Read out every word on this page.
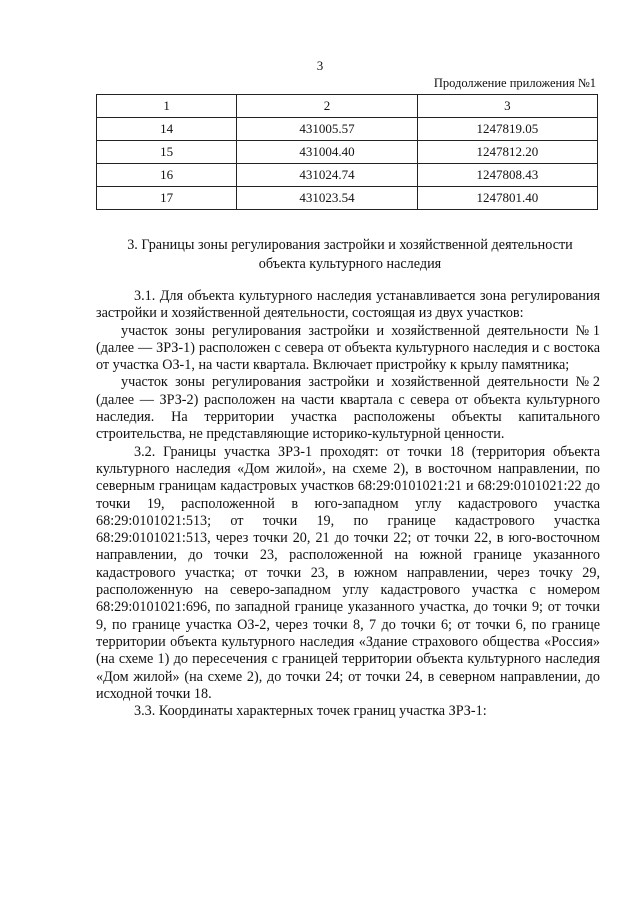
3
Продолжение приложения №1
1	2	3
14	431005.57	1247819.05
15	431004.40	1247812.20
16	431024.74	1247808.43
17	431023.54	1247801.40
3. Границы зоны регулирования застройки и хозяйственной деятельности объекта культурного наследия

3.1. Для объекта культурного наследия устанавливается зона регулирования застройки и хозяйственной деятельности, состоящая из двух участков:

участок зоны регулирования застройки и хозяйственной деятельности №1 (далее — ЗРЗ-1) расположен с севера от объекта культурного наследия и с востока от участка ОЗ-1, на части квартала. Включает пристройку к крылу памятника;

участок зоны регулирования застройки и хозяйственной деятельности №2 (далее — ЗРЗ-2) расположен на части квартала с севера от объекта культурного наследия. На территории участка расположены объекты капитального строительства, не представляющие историко-культурной ценности.

3.2. Границы участка ЗРЗ-1 проходят: от точки 18 (территория объекта культурного наследия «Дом жилой», на схеме 2), в восточном направлении, по северным границам кадастровых участков 68:29:0101021:21 и 68:29:0101021:22 до точки 19, расположенной в юго-западном углу кадастрового участка 68:29:0101021:513; от точки 19, по границе кадастрового участка 68:29:0101021:513, через точки 20, 21 до точки 22; от точки 22, в юго-восточном направлении, до точки 23, расположенной на южной границе указанного кадастрового участка; от точки 23, в южном направлении, через точку 29, расположенную на северо-западном углу кадастрового участка с номером 68:29:0101021:696, по западной границе указанного участка, до точки 9; от точки 9, по границе участка ОЗ-2, через точки 8, 7 до точки 6; от точки 6, по границе территории объекта культурного наследия «Здание страхового общества «Россия» (на схеме 1) до пересечения с границей территории объекта культурного наследия «Дом жилой» (на схеме 2), до точки 24; от точки 24, в северном направлении, до исходной точки 18.

3.3. Координаты характерных точек границ участка ЗРЗ-1:
